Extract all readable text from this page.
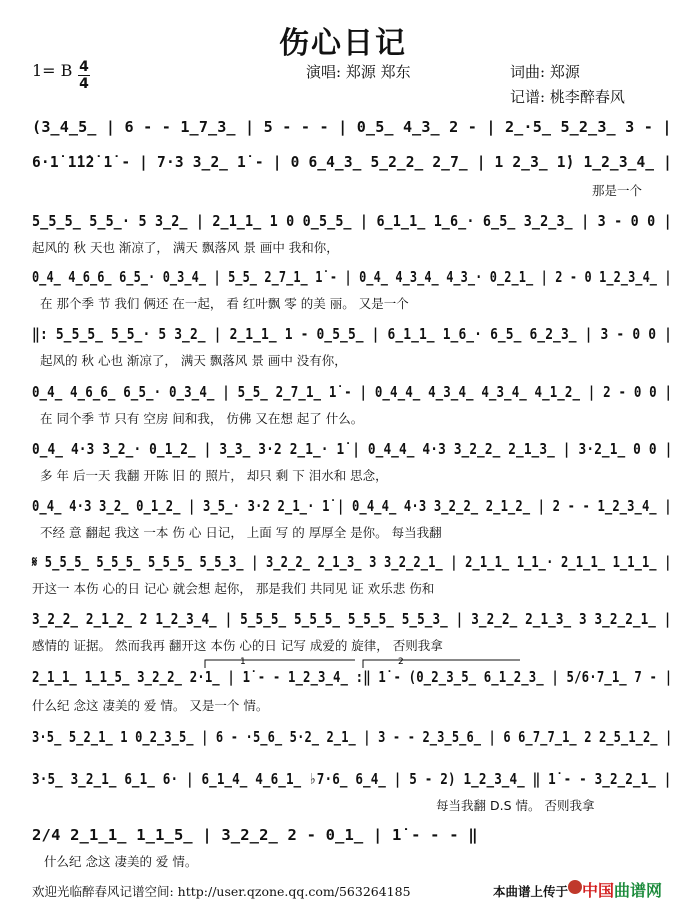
伤心日记
1= B 4
4
演唱: 郑源 郑东	词曲: 郑源
记谱: 桃李醉春风
(3̲4̲5̲ | 6 - - 1̲7̲3̲ | 5 - - - | 0̲5̲ 4̲3̲ 2 - | 2̲·5̲ 5̲2̲3̲ 3 - |
6·1̇ 1̇1̇2̇ 1̇ - | 7·3 3̲2̲ 1̇ - | 0 6̲4̲3̲ 5̲2̲2̲ 2̲7̲ | 1 2̲3̲ 1̇) 1̲2̲3̲4̲ |
那是一个
5̲5̲5̲ 5̲5̲· 5 3̲2̲ | 2̲1̲1̲ 1 0 0̲5̲5̲ | 6̲1̲1̲ 1̲6̲· 6̲5̲ 3̲2̲3̲ | 3 - 0 0 |
起风的 秋 天也 渐凉了， 满天 飘落风 景 画中 我和你，
0̲4̲ 4̲6̲6̲ 6̲5̲· 0̲3̲4̲ | 5̲5̲ 2̲7̲1̲ 1̇ - | 0̲4̲ 4̲3̲4̲ 4̲3̲· 0̲2̲1̲ | 2 - 0 1̲2̲3̲4̲ |
在 那个季 节 我们 俩还 在一起， 看 红叶飘 零 的美 丽。 又是一个
‖: 5̲5̲5̲ 5̲5̲· 5 3̲2̲ | 2̲1̲1̲ 1 - 0̲5̲5̲ | 6̲1̲1̲ 1̲6̲· 6̲5̲ 6̲2̲3̲ | 3 - 0 0 |
起风的 秋 心也 渐凉了， 满天 飘落风 景 画中 没有你，
0̲4̲ 4̲6̲6̲ 6̲5̲· 0̲3̲4̲ | 5̲5̲ 2̲7̲1̲ 1̇ - | 0̲4̲4̲ 4̲3̲4̲ 4̲3̲4̲ 4̲1̲2̲ | 2 - 0 0 |
在 同个季 节 只有 空房 间和我， 仿佛 又在想 起了 什么。
0̲4̲ 4·3 3̲2̲· 0̲1̲2̲ | 3̲3̲ 3·2 2̲1̲· 1̇ | 0̲4̲4̲ 4·3 3̲2̲2̲ 2̲1̲3̲ | 3·2̲1̲ 0 0 |
多 年 后一天 我翻 开陈 旧 的 照片， 却只 剩 下 泪水和 思念，
0̲4̲ 4·3 3̲2̲ 0̲1̲2̲ | 3̲5̲· 3·2 2̲1̲· 1̇ | 0̲4̲4̲ 4·3 3̲2̲2̲ 2̲1̲2̲ | 2 - - 1̲2̲3̲4̲ |
不经 意 翻起 我这 一本 伤 心 日记， 上面 写 的 厚厚全 是你。 每当我翻
𝄋 5̲5̲5̲ 5̲5̲5̲ 5̲5̲5̲ 5̲5̲3̲ | 3̲2̲2̲ 2̲1̲3̲ 3 3̲2̲2̲1̲ | 2̲1̲1̲ 1̲1̲· 2̲1̲1̲ 1̲1̲1̲ |
开这一 本伤 心的日 记心 就会想 起你， 那是我们 共同见 证 欢乐悲 伤和
3̲2̲2̲ 2̲1̲2̲ 2 1̲2̲3̲4̲ | 5̲5̲5̲ 5̲5̲5̲ 5̲5̲5̲ 5̲5̲3̲ | 3̲2̲2̲ 2̲1̲3̲ 3 3̲2̲2̲1̲ |
感情的 证据。 然而我再 翻开这 本伤 心的日 记写 成爱的 旋律， 否则我拿
2̲1̲1̲ 1̲1̲5̲ 3̲2̲2̲ 2·1̲ | 1̇ - - 1̲2̲3̲4̲ :‖ 1̇ - (0̲2̲3̲5̲ 6̲1̲2̲3̲ | 5/6·7̲1̲ 7 - |
什么纪 念这 凄美的 爱 情。 又是一个 情。
3·5̲ 5̲2̲1̲ 1 0̲2̲3̲5̲ | 6 - ·5̲6̲ 5·2̲ 2̲1̲ | 3 - - 2̲3̲5̲6̲ | 6 6̲7̲7̲1̲ 2 2̲5̲1̲2̲ |
3·5̲ 3̲2̲1̲ 6̲1̲ 6· | 6̲1̲4̲ 4̲6̲1̲ ♭7·6̲ 6̲4̲ | 5 - 2) 1̲2̲3̲4̲ ‖ 1̇ - - 3̲2̲2̲1̲ |
每当我翻 D.S 情。 否则我拿
2/4 2̲1̲1̲ 1̲1̲5̲ | 3̲2̲2̲ 2 - 0̲1̲ | 1̇ - - - ‖
什么纪 念这 凄美的 爱 情。
1	2
欢迎光临醉春风记谱空间: http://user.qzone.qq.com/563264185	本曲谱上传于 中国曲谱网
